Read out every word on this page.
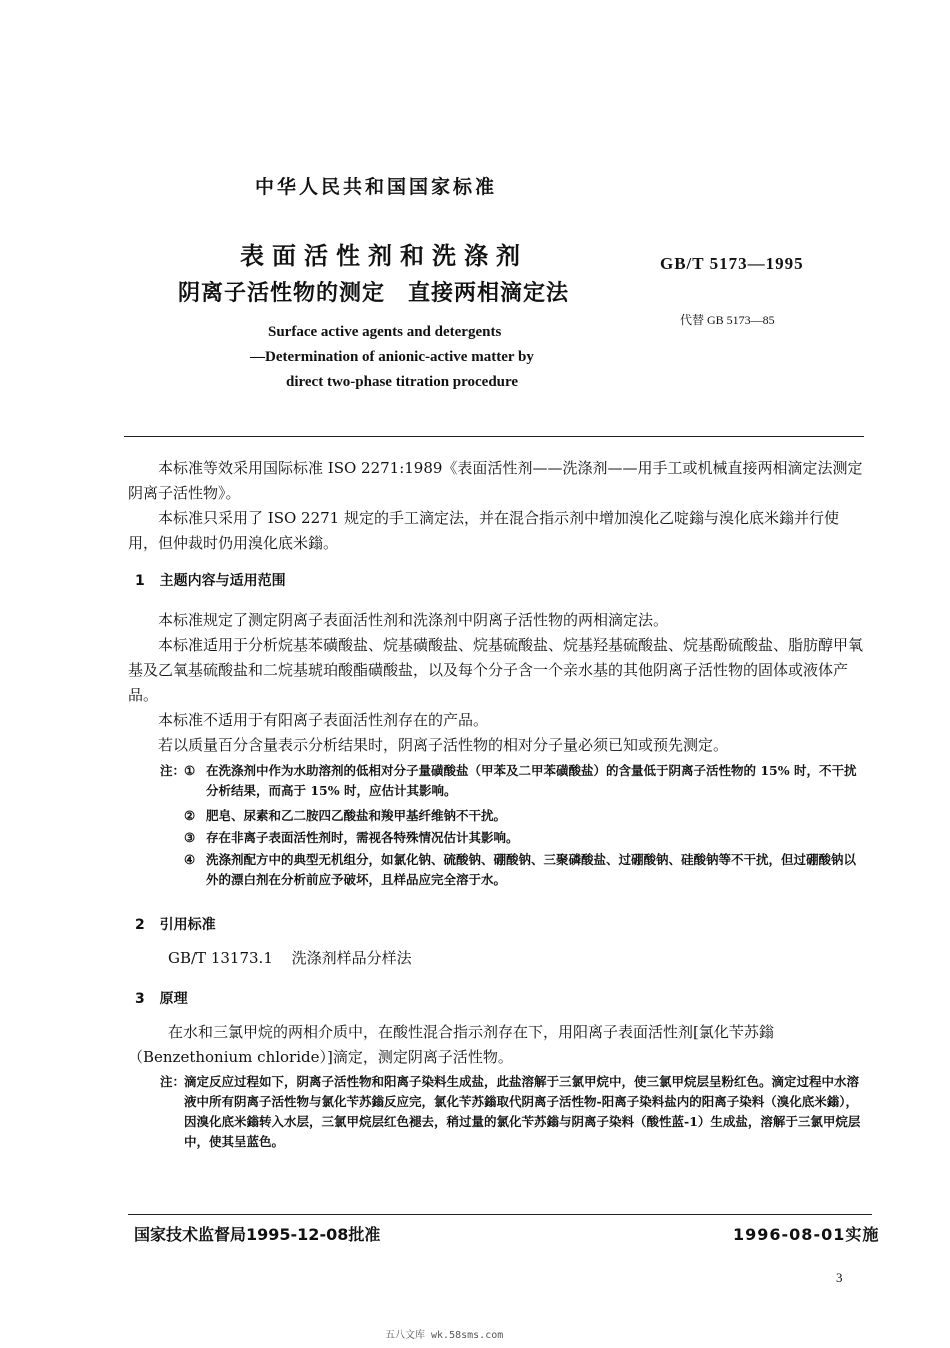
中华人民共和国国家标准
表面活性剂和洗涤剂
阴离子活性物的测定　直接两相滴定法
GB/T 5173—1995
代替 GB 5173—85
Surface active agents and detergents
—Determination of anionic-active matter by
direct two-phase titration procedure

本标准等效采用国际标准 ISO 2271:1989《表面活性剂——洗涤剂——用手工或机械直接两相滴定法测定阴离子活性物》。

本标准只采用了 ISO 2271 规定的手工滴定法，并在混合指示剂中增加溴化乙啶鎓与溴化底米鎓并行使用，但仲裁时仍用溴化底米鎓。

1 主题内容与适用范围

本标准规定了测定阴离子表面活性剂和洗涤剂中阴离子活性物的两相滴定法。

本标准适用于分析烷基苯磺酸盐、烷基磺酸盐、烷基硫酸盐、烷基羟基硫酸盐、烷基酚硫酸盐、脂肪醇甲氧基及乙氧基硫酸盐和二烷基琥珀酸酯磺酸盐，以及每个分子含一个亲水基的其他阴离子活性物的固体或液体产品。

本标准不适用于有阳离子表面活性剂存在的产品。

若以质量百分含量表示分析结果时，阴离子活性物的相对分子量必须已知或预先测定。

注：
① 在洗涤剂中作为水助溶剂的低相对分子量磺酸盐（甲苯及二甲苯磺酸盐）的含量低于阴离子活性物的 15% 时，不干扰分析结果，而高于 15% 时，应估计其影响。

② 肥皂、尿素和乙二胺四乙酸盐和羧甲基纤维钠不干扰。

③ 存在非离子表面活性剂时，需视各特殊情况估计其影响。

④ 洗涤剂配方中的典型无机组分，如氯化钠、硫酸钠、硼酸钠、三聚磷酸盐、过硼酸钠、硅酸钠等不干扰，但过硼酸钠以外的漂白剂在分析前应予破坏，且样品应完全溶于水。

2 引用标准
GB/T 13173.1 洗涤剂样品分样法
3 原理

在水和三氯甲烷的两相介质中，在酸性混合指示剂存在下，用阳离子表面活性剂[氯化苄苏鎓（Benzethonium chloride）]滴定，测定阴离子活性物。

注：

滴定反应过程如下，阴离子活性物和阳离子染料生成盐，此盐溶解于三氯甲烷中，使三氯甲烷层呈粉红色。滴定过程中水溶液中所有阴离子活性物与氯化苄苏鎓反应完，氯化苄苏鎓取代阴离子活性物-阳离子染料盐内的阳离子染料（溴化底米鎓），因溴化底米鎓转入水层，三氯甲烷层红色褪去，稍过量的氯化苄苏鎓与阴离子染料（酸性蓝-1）生成盐，溶解于三氯甲烷层中，使其呈蓝色。

国家技术监督局1995-12-08批准	1996-08-01实施
3
五八文库 wk.58sms.com
